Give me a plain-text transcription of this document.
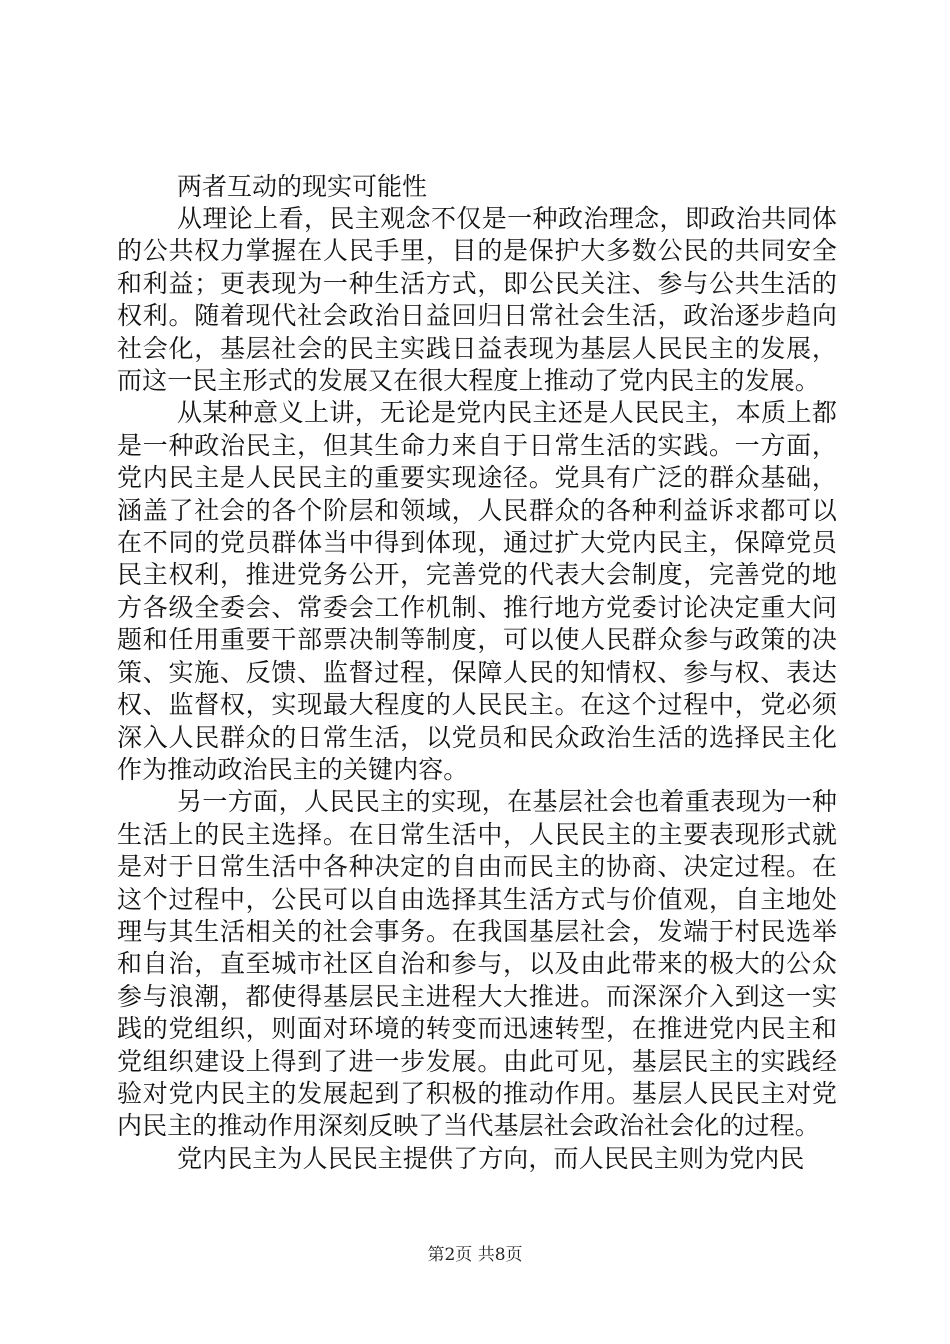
两者互动的现实可能性

从理论上看，民主观念不仅是一种政治理念，即政治共同体的公共权力掌握在人民手里，目的是保护大多数公民的共同安全和利益；更表现为一种生活方式，即公民关注、参与公共生活的权利。随着现代社会政治日益回归日常社会生活，政治逐步趋向社会化，基层社会的民主实践日益表现为基层人民民主的发展，而这一民主形式的发展又在很大程度上推动了党内民主的发展。

从某种意义上讲，无论是党内民主还是人民民主，本质上都是一种政治民主，但其生命力来自于日常生活的实践。一方面，党内民主是人民民主的重要实现途径。党具有广泛的群众基础，涵盖了社会的各个阶层和领域，人民群众的各种利益诉求都可以在不同的党员群体当中得到体现，通过扩大党内民主，保障党员民主权利，推进党务公开，完善党的代表大会制度，完善党的地方各级全委会、常委会工作机制、推行地方党委讨论决定重大问题和任用重要干部票决制等制度，可以使人民群众参与政策的决策、实施、反馈、监督过程，保障人民的知情权、参与权、表达权、监督权，实现最大程度的人民民主。在这个过程中，党必须深入人民群众的日常生活，以党员和民众政治生活的选择民主化作为推动政治民主的关键内容。

另一方面，人民民主的实现，在基层社会也着重表现为一种生活上的民主选择。在日常生活中，人民民主的主要表现形式就是对于日常生活中各种决定的自由而民主的协商、决定过程。在这个过程中，公民可以自由选择其生活方式与价值观，自主地处理与其生活相关的社会事务。在我国基层社会，发端于村民选举和自治，直至城市社区自治和参与，以及由此带来的极大的公众参与浪潮，都使得基层民主进程大大推进。而深深介入到这一实践的党组织，则面对环境的转变而迅速转型，在推进党内民主和党组织建设上得到了进一步发展。由此可见，基层民主的实践经验对党内民主的发展起到了积极的推动作用。基层人民民主对党内民主的推动作用深刻反映了当代基层社会政治社会化的过程。

党内民主为人民民主提供了方向，而人民民主则为党内民

第2页 共8页
